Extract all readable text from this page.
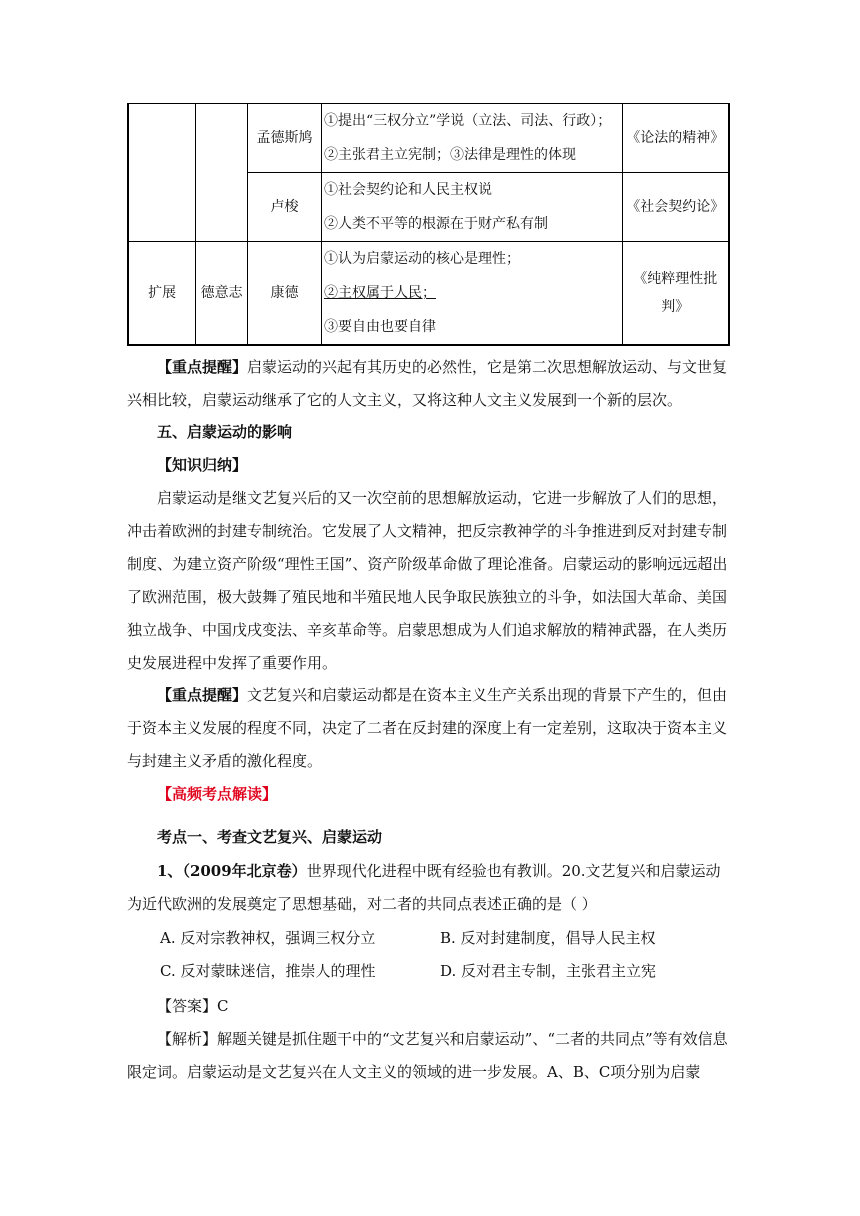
		孟德斯鸠	①提出“三权分立”学说（立法、司法、行政）；
②主张君主立宪制；③法律是理性的体现	《论法的精神》
		卢梭	①社会契约论和人民主权说
②人类不平等的根源在于财产私有制	《社会契约论》
扩展	德意志	康德	①认为启蒙运动的核心是理性；
②主权属于人民；
③要自由也要自律	《纯粹理性批
判》

【重点提醒】启蒙运动的兴起有其历史的必然性，它是第二次思想解放运动、与文世复兴相比较，启蒙运动继承了它的人文主义，又将这种人文主义发展到一个新的层次。

五、启蒙运动的影响

【知识归纳】

启蒙运动是继文艺复兴后的又一次空前的思想解放运动，它进一步解放了人们的思想，冲击着欧洲的封建专制统治。它发展了人文精神，把反宗教神学的斗争推进到反对封建专制制度、为建立资产阶级“理性王国”、资产阶级革命做了理论准备。启蒙运动的影响远远超出了欧洲范围，极大鼓舞了殖民地和半殖民地人民争取民族独立的斗争，如法国大革命、美国独立战争、中国戊戌变法、辛亥革命等。启蒙思想成为人们追求解放的精神武器，在人类历史发展进程中发挥了重要作用。

【重点提醒】文艺复兴和启蒙运动都是在资本主义生产关系出现的背景下产生的，但由于资本主义发展的程度不同，决定了二者在反封建的深度上有一定差别，这取决于资本主义与封建主义矛盾的激化程度。

【高频考点解读】

考点一、考查文艺复兴、启蒙运动

1、（2009年北京卷）世界现代化进程中既有经验也有教训。20.文艺复兴和启蒙运动为近代欧洲的发展奠定了思想基础，对二者的共同点表述正确的是（ ）

A. 反对宗教神权，强调三权分立	B. 反对封建制度，倡导人民主权
C. 反对蒙昧迷信，推崇人的理性	D. 反对君主专制，主张君主立宪

【答案】C

【解析】解题关键是抓住题干中的“文艺复兴和启蒙运动”、“二者的共同点”等有效信息限定词。启蒙运动是文艺复兴在人文主义的领域的进一步发展。A、B、C项分别为启蒙
